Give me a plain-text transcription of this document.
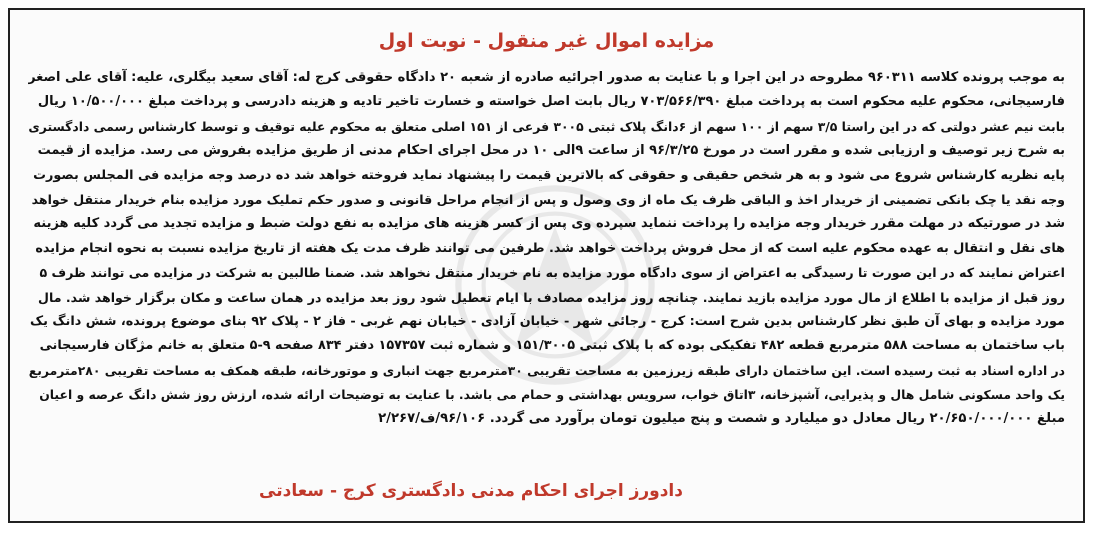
مزایده اموال غیر منقول - نوبت اول
به موجب پرونده کلاسه ۹۶۰۳۱۱ مطروحه در این اجرا و با عنایت به صدور اجرائیه صادره از شعبه ۲۰ دادگاه حقوقی کرج له: آقای سعید بیگلری، علیه: آقای علی اصغر
فارسیجانی، محکوم علیه محکوم است به پرداخت مبلغ ۷۰۳/۵۶۶/۳۹۰ ریال بابت اصل خواسته و خسارت تاخیر تادیه و هزینه دادرسی و پرداخت مبلغ ۱۰/۵۰۰/۰۰۰ ریال
بابت نیم عشر دولتی که در این راستا ۳/۵ سهم از ۱۰۰ سهم از ۶دانگ پلاک ثبتی ۳۰۰۵ فرعی از ۱۵۱ اصلی متعلق به محکوم علیه توقیف و توسط کارشناس رسمی دادگستری
به شرح زیر توصیف و ارزیابی شده و مقرر است در مورخ ۹۶/۳/۲۵ از ساعت ۹الی ۱۰ در محل اجرای احکام مدنی از طریق مزایده بفروش می رسد. مزایده از قیمت
پایه نظریه کارشناس شروع می شود و به هر شخص حقیقی و حقوقی که بالاترین قیمت را پیشنهاد نماید فروخته خواهد شد ده درصد وجه مزایده فی المجلس بصورت
وجه نقد یا چک بانکی تضمینی از خریدار اخذ و الباقی ظرف یک ماه از وی وصول و پس از انجام مراحل قانونی و صدور حکم تملیک مورد مزایده بنام خریدار منتقل خواهد
شد در صورتیکه در مهلت مقرر خریدار وجه مزایده را پرداخت ننماید سپرده وی پس از کسر هزینه های مزایده به نفع دولت ضبط و مزایده تجدید می گردد کلیه هزینه
های نقل و انتقال به عهده محکوم علیه است که از محل فروش پرداخت خواهد شد. طرفین می توانند ظرف مدت یک هفته از تاریخ مزایده نسبت به نحوه انجام مزایده
اعتراض نمایند که در این صورت تا رسیدگی به اعتراض از سوی دادگاه مورد مزایده به نام خریدار منتقل نخواهد شد. ضمنا طالبین به شرکت در مزایده می توانند ظرف ۵
روز قبل از مزایده با اطلاع از مال مورد مزایده بازید نمایند. چنانچه روز مزایده مصادف با ایام تعطیل شود روز بعد مزایده در همان ساعت و مکان برگزار خواهد شد. مال
مورد مزایده و بهای آن طبق نظر کارشناس بدین شرح است: کرج - رجائی شهر - خیابان آزادی - خیابان نهم غربی - فاز ۲ - پلاک ۹۲ بنای موضوع پرونده، شش دانگ یک
باب ساختمان به مساحت ۵۸۸ مترمربع قطعه ۴۸۲ تفکیکی بوده که با پلاک ثبتی ۱۵۱/۳۰۰۵ و شماره ثبت ۱۵۷۳۵۷ دفتر ۸۳۴ صفحه ۹-۵ متعلق به خانم مژگان فارسیجانی
در اداره اسناد به ثبت رسیده است. این ساختمان دارای طبقه زیرزمین به مساحت تقریبی ۳۰مترمربع جهت انباری و موتورخانه، طبقه همکف به مساحت تقریبی ۲۸۰مترمربع
یک واحد مسکونی شامل هال و پذیرایی، آشپزخانه، ۳اتاق خواب، سرویس بهداشتی و حمام می باشد. با عنایت به توضیحات ارائه شده، ارزش روز شش دانگ عرصه و اعیان
مبلغ ۲۰/۶۵۰/۰۰۰/۰۰۰ ریال معادل دو میلیارد و شصت و پنج میلیون تومان برآورد می گردد. ۹۶/۱۰۶/ف/۲/۲۶۷
دادورز اجرای احکام مدنی دادگستری کرج - سعادتی
